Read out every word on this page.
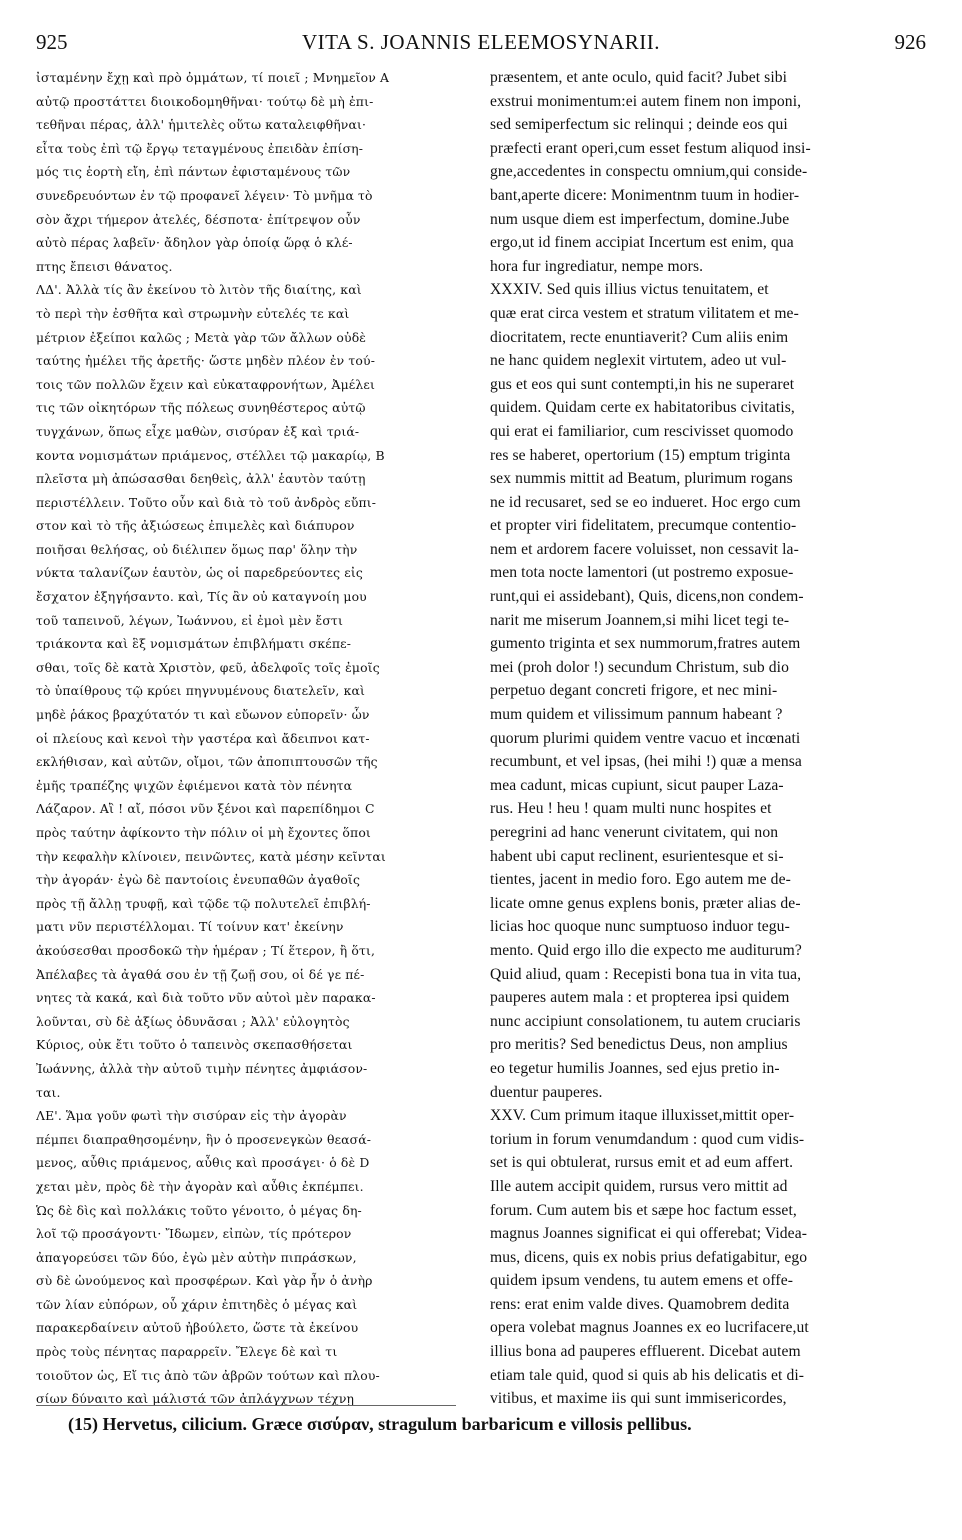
925	VITA S. JOANNIS ELEEMOSYNARII.	926
ἰσταμένην ἔχῃ καὶ πρὸ ὀμμάτων, τί ποιεῖ ; Μνημεῖον A
αὐτῷ προστάττει διοικοδομηθῆναι· τούτῳ δὲ μὴ ἐπι-
τεθῆναι πέρας, ἀλλ' ἡμιτελὲς οὕτω καταλειφθῆναι·
εἶτα τοὺς ἐπὶ τῷ ἔργῳ τεταγμένους ἐπειδὰν ἐπίση-
μός τις ἑορτὴ εἴη, ἐπὶ πάντων ἐφισταμένους τῶν
συνεδρευόντων ἐν τῷ προφανεῖ λέγειν· Τὸ μνῆμα τὸ
σὸν ἄχρι τήμερον ἀτελές, δέσποτα· ἐπίτρεψον οὖν
αὐτὸ πέρας λαβεῖν· ἄδηλον γὰρ ὁποίᾳ ὥρᾳ ὁ κλέ-
πτης ἔπεισι θάνατος.
ΛΔ'. Ἀλλὰ τίς ἂν ἐκείνου τὸ λιτὸν τῆς διαίτης, καὶ
τὸ περὶ τὴν ἐσθῆτα καὶ στρωμνὴν εὐτελές τε καὶ
μέτριον ἐξείποι καλῶς ; Μετὰ γὰρ τῶν ἄλλων οὐδὲ
ταύτης ἠμέλει τῆς ἀρετῆς· ὥστε μηδὲν πλέον ἐν τού-
τοις τῶν πολλῶν ἔχειν καὶ εὐκαταφρονήτων, Ἀμέλει
τις τῶν οἰκητόρων τῆς πόλεως συνηθέστερος αὐτῷ
τυγχάνων, ὅπως εἶχε μαθὼν, σισύραν ἐξ καὶ τριά-
κοντα νομισμάτων πριάμενος, στέλλει τῷ μακαρίῳ, B
πλεῖστα μὴ ἀπώσασθαι δεηθεὶς, ἀλλ' ἑαυτὸν ταύτῃ
περιστέλλειν. Τοῦτο οὖν καὶ διὰ τὸ τοῦ ἀνδρὸς εὔπι-
στον καὶ τὸ τῆς ἀξιώσεως ἐπιμελὲς καὶ διάπυρον
ποιῆσαι θελήσας, οὐ διέλιπεν ὅμως παρ' ὅλην τὴν
νύκτα ταλανίζων ἑαυτὸν, ὡς οἱ παρεδρεύοντες εἰς
ἔσχατον ἐξηγήσαντο. καὶ, Τίς ἂν οὐ καταγνοίη μου
τοῦ ταπεινοῦ, λέγων, Ἰωάννου, εἰ ἐμοὶ μὲν ἔστι
τριάκοντα καὶ ἓξ νομισμάτων ἐπιβλήματι σκέπε-
σθαι, τοῖς δὲ κατὰ Χριστὸν, φεῦ, ἀδελφοῖς τοῖς ἐμοῖς
τὸ ὑπαίθρους τῷ κρύει πηγνυμένους διατελεῖν, καὶ
μηδὲ ῥάκος βραχύτατόν τι καὶ εὔωνον εὐπορεῖν· ὧν
οἱ πλείους καὶ κενοὶ τὴν γαστέρα καὶ ἄδειπνοι κατ-
εκλήθισαν, καὶ αὐτῶν, οἴμοι, τῶν ἀποπιπτουσῶν τῆς
ἐμῆς τραπέζης ψιχῶν ἐφιέμενοι κατὰ τὸν πένητα
Λάζαρον. Αἲ ! αἴ, πόσοι νῦν ξένοι καὶ παρεπίδημοι C
πρὸς ταύτην ἀφίκοντο τὴν πόλιν οἱ μὴ ἔχοντες ὅποι
τὴν κεφαλὴν κλίνοιεν, πεινῶντες, κατὰ μέσην κεῖνται
τὴν ἀγοράν· ἐγὼ δὲ παντοίοις ἐνευπαθῶν ἀγαθοῖς
πρὸς τῇ ἄλλῃ τρυφῇ, καὶ τῷδε τῷ πολυτελεῖ ἐπιβλή-
ματι νῦν περιστέλλομαι. Τί τοίνυν κατ' ἐκείνην
ἀκούσεσθαι προσδοκῶ τὴν ἡμέραν ; Τί ἕτερον, ἢ ὅτι,
Ἀπέλαβες τὰ ἀγαθά σου ἐν τῇ ζωῇ σου, οἱ δέ γε πέ-
νητες τὰ κακά, καὶ διὰ τοῦτο νῦν αὐτοὶ μὲν παρακα-
λοῦνται, σὺ δὲ ἀξίως ὀδυνᾶσαι ; Ἀλλ' εὐλογητὸς
Κύριος, οὐκ ἔτι τοῦτο ὁ ταπεινὸς σκεπασθήσεται
Ἰωάννης, ἀλλὰ τὴν αὐτοῦ τιμὴν πένητες ἀμφιάσον-
ται.
ΛΕ'. Ἅμα γοῦν φωτὶ τὴν σισύραν εἰς τὴν ἀγορὰν
πέμπει διαπραθησομένην, ἣν ὁ προσενεγκὼν θεασά-
μενος, αὖθις πριάμενος, αὖθις καὶ προσάγει· ὁ δὲ D
χεται μὲν, πρὸς δὲ τὴν ἀγορὰν καὶ αὖθις ἐκπέμπει.
Ὡς δὲ δὶς καὶ πολλάκις τοῦτο γένοιτο, ὁ μέγας δη-
λοῖ τῷ προσάγοντι· Ἴδωμεν, εἰπὼν, τίς πρότερον
ἀπαγορεύσει τῶν δύο, ἐγὼ μὲν αὐτὴν πιπράσκων,
σὺ δὲ ὠνούμενος καὶ προσφέρων. Καὶ γὰρ ἦν ὁ ἀνὴρ
τῶν λίαν εὐπόρων, οὗ χάριν ἐπιτηδὲς ὁ μέγας καὶ
παρακερδαίνειν αὐτοῦ ἠβούλετο, ὥστε τὰ ἐκείνου
πρὸς τοὺς πένητας παραρρεῖν. Ἔλεγε δὲ καὶ τι
τοιοῦτον ὡς, Εἴ τις ἀπὸ τῶν ἀβρῶν τούτων καὶ πλου-
σίων δύναιτο καὶ μάλιστά τῶν ἀπλάγχνων τέχνῃ
præsentem, et ante oculo, quid facit? Jubet sibi
exstrui monimentum:ei autem finem non imponi,
sed semiperfectum sic relinqui ; deinde eos qui
præfecti erant operi,cum esset festum aliquod insi-
gne,accedentes in conspectu omnium,qui conside-
bant,aperte dicere: Monimentnm tuum in hodier-
num usque diem est imperfectum, domine.Jube
ergo,ut id finem accipiat Incertum est enim, qua
hora fur ingrediatur, nempe mors.
XXXIV. Sed quis illius victus tenuitatem, et
quæ erat circa vestem et stratum vilitatem et me-
diocritatem, recte enuntiaverit? Cum aliis enim
ne hanc quidem neglexit virtutem, adeo ut vul-
gus et eos qui sunt contempti,in his ne superaret
quidem. Quidam certe ex habitatoribus civitatis,
qui erat ei familiarior, cum rescivisset quomodo
res se haberet, opertorium (15) emptum triginta
sex nummis mittit ad Beatum, plurimum rogans
ne id recusaret, sed se eo indueret. Hoc ergo cum
et propter viri fidelitatem, precumque contentio-
nem et ardorem facere voluisset, non cessavit la-
men tota nocte lamentori (ut postremo exposue-
runt,qui ei assidebant), Quis, dicens,non condem-
narit me miserum Joannem,si mihi licet tegi te-
gumento triginta et sex nummorum,fratres autem
mei (proh dolor !) secundum Christum, sub dio
perpetuo degant concreti frigore, et nec mini-
mum quidem et vilissimum pannum habeant ?
quorum plurimi quidem ventre vacuo et incœnati
recumbunt, et vel ipsas, (hei mihi !) quæ a mensa
mea cadunt, micas cupiunt, sicut pauper Laza-
rus. Heu ! heu ! quam multi nunc hospites et
peregrini ad hanc venerunt civitatem, qui non
habent ubi caput reclinent, esurientesque et si-
tientes, jacent in medio foro. Ego autem me de-
licate omne genus explens bonis, præter alias de-
licias hoc quoque nunc sumptuoso induor tegu-
mento. Quid ergo illo die expecto me auditurum?
Quid aliud, quam : Recepisti bona tua in vita tua,
pauperes autem mala : et propterea ipsi quidem
nunc accipiunt consolationem, tu autem cruciaris
pro meritis? Sed benedictus Deus, non amplius
eo tegetur humilis Joannes, sed ejus pretio in-
duentur pauperes.
XXV. Cum primum itaque illuxisset,mittit oper-
torium in forum venumdandum : quod cum vidis-
set is qui obtulerat, rursus emit et ad eum affert.
Ille autem accipit quidem, rursus vero mittit ad
forum. Cum autem bis et sæpe hoc factum esset,
magnus Joannes significat ei qui offerebat; Videa-
mus, dicens, quis ex nobis prius defatigabitur, ego
quidem ipsum vendens, tu autem emens et offe-
rens: erat enim valde dives. Quamobrem dedita
opera volebat magnus Joannes ex eo lucrifacere,ut
illius bona ad pauperes effluerent. Dicebat autem
etiam tale quid, quod si quis ab his delicatis et di-
vitibus, et maxime iis qui sunt immisericordes,
(15) Hervetus, cilicium. Græce σισύραν, stragulum barbaricum e villosis pellibus.
